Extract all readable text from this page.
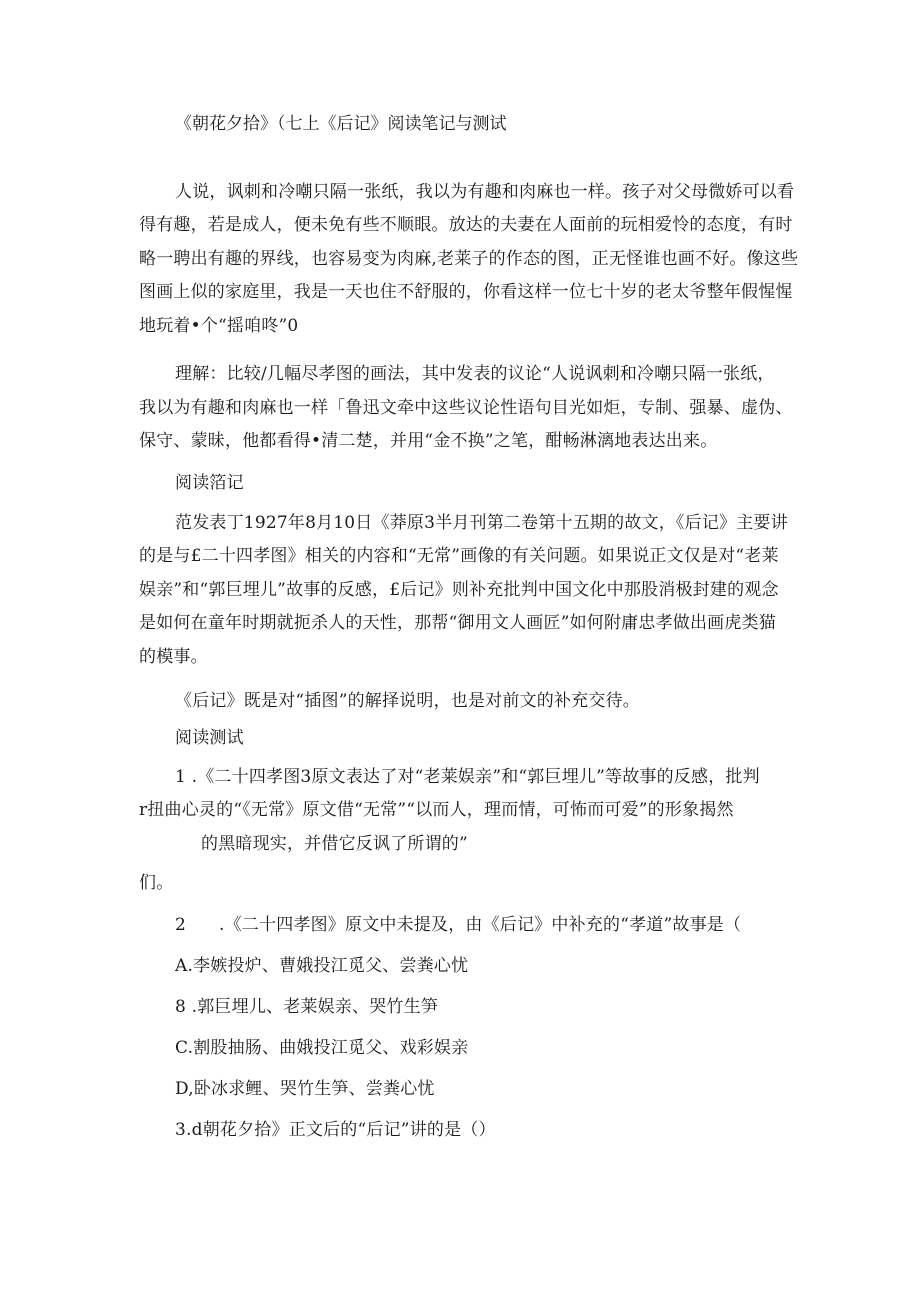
《朝花夕拾》（七上《后记》阅读笔记与测试
人说，讽刺和冷嘲只隔一张纸，我以为有趣和肉麻也一样。孩子对父母微娇可以看
得有趣，若是成人，便未免有些不顺眼。放达的夫妻在人面前的玩相爱怜的态度，有时
略一聘出有趣的界线，也容易变为肉麻,老莱子的作态的图，正无怪谁也画不好。像这些
图画上似的家庭里，我是一天也住不舒服的，你看这样一位七十岁的老太爷整年假惺惺
地玩着•个“摇咱咚”0
理解：比较/几幅尽孝图的画法，其中发表的议论“人说讽刺和冷嘲只隔一张纸，
我以为有趣和肉麻也一样「鲁迅文牵中这些议论性语句目光如炬，专制、强暴、虚伪、
保守、蒙昧，他都看得•清二楚，并用“金不换”之笔，酣畅淋漓地表达出来。
阅读箔记
范发表丁1927年8月10日《莽原3半月刊第二卷第十五期的故文，《后记》主要讲
的是与£二十四孝图》相关的内容和“无常”画像的有关问题。如果说正文仅是对“老莱
娱亲”和“郭巨埋儿”故事的反感，£后记》则补充批判中国文化中那股消极封建的观念
是如何在童年时期就扼杀人的天性，那帮“御用文人画匠”如何附庸忠孝做出画虎类猫
的模事。
《后记》既是对“插图”的解择说明，也是对前文的补充交待。
阅读测试
1 .《二十四孝图3原文表达了对“老莱娱亲”和“郭巨埋儿”等故事的反感，批判
r扭曲心灵的“《无常》原文借“无常”“以而人，理而情，可怖而可爱”的形象揭然
的黑暗现实，并借它反讽了所谓的”
们。
2 .《二十四孝图》原文中未提及，由《后记》中补充的“孝道”故事是（
A.李嫉投炉、曹娥投江觅父、尝粪心忧
8 .郭巨埋儿、老莱娱亲、哭竹生笋
C.割股抽肠、曲娥投江觅父、戏彩娱亲
D,卧冰求鲤、哭竹生笋、尝粪心忧
3.d朝花夕拾》正文后的“后记”讲的是（）
